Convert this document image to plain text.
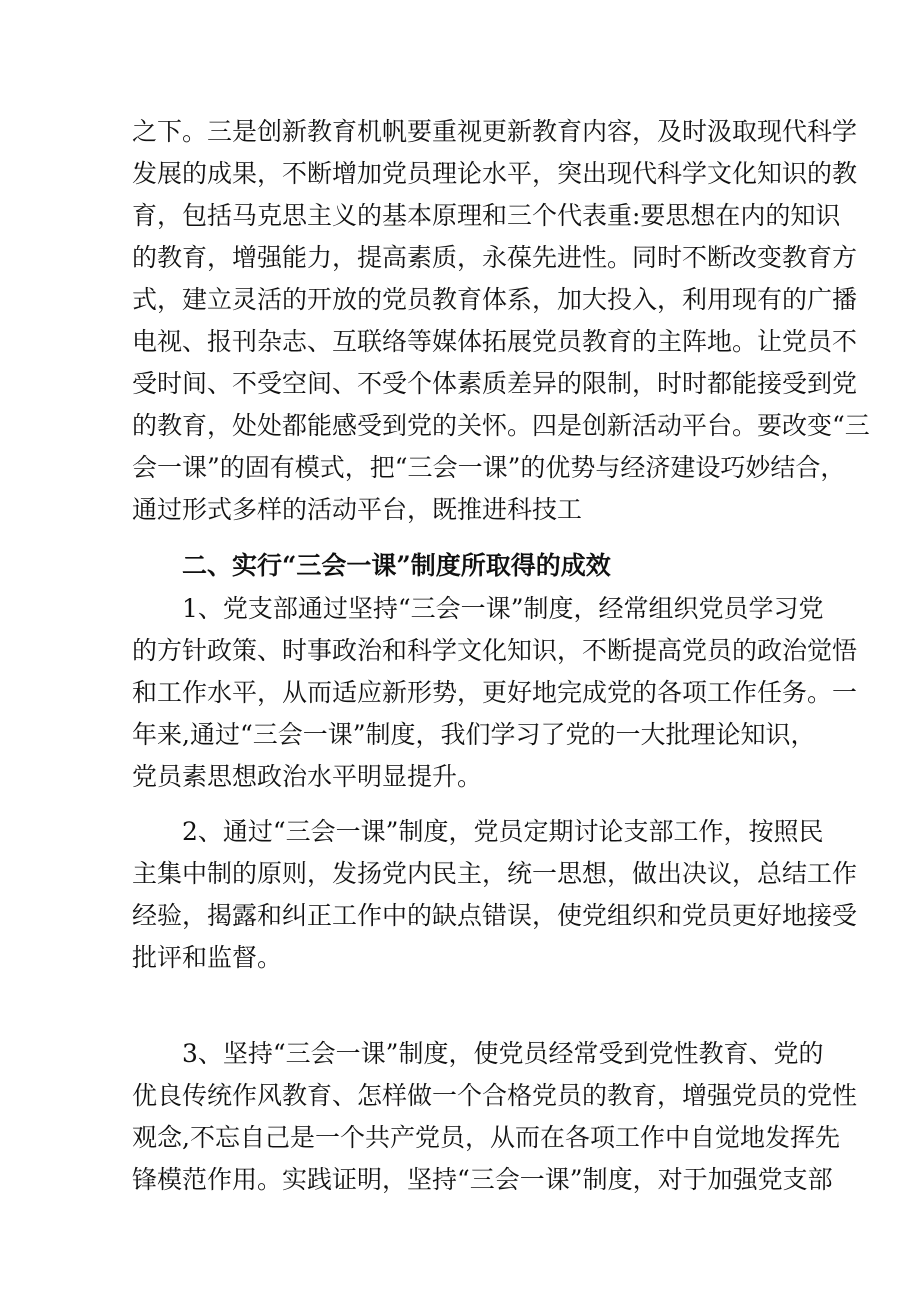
之下。三是创新教育机帆要重视更新教育内容，及时汲取现代科学
发展的成果，不断增加党员理论水平，突出现代科学文化知识的教
育，包括马克思主义的基本原理和三个代表重:要思想在内的知识
的教育，增强能力，提高素质，永葆先进性。同时不断改变教育方
式，建立灵活的开放的党员教育体系，加大投入，利用现有的广播
电视、报刊杂志、互联络等媒体拓展党员教育的主阵地。让党员不
受时间、不受空间、不受个体素质差异的限制，时时都能接受到党
的教育，处处都能感受到党的关怀。四是创新活动平台。要改变“三
会一课”的固有模式，把“三会一课”的优势与经济建设巧妙结合，
通过形式多样的活动平台，既推进科技工
二、实行“三会一课”制度所取得的成效
1、党支部通过坚持“三会一课”制度，经常组织党员学习党
的方针政策、时事政治和科学文化知识，不断提高党员的政治觉悟
和工作水平，从而适应新形势，更好地完成党的各项工作任务。一
年来,通过“三会一课”制度，我们学习了党的一大批理论知识，
党员素思想政治水平明显提升。
2、通过“三会一课”制度，党员定期讨论支部工作，按照民
主集中制的原则，发扬党内民主，统一思想，做出决议，总结工作
经验，揭露和纠正工作中的缺点错误，使党组织和党员更好地接受
批评和监督。
3、坚持“三会一课”制度，使党员经常受到党性教育、党的
优良传统作风教育、怎样做一个合格党员的教育，增强党员的党性
观念,不忘自己是一个共产党员，从而在各项工作中自觉地发挥先
锋模范作用。实践证明，坚持“三会一课”制度，对于加强党支部
